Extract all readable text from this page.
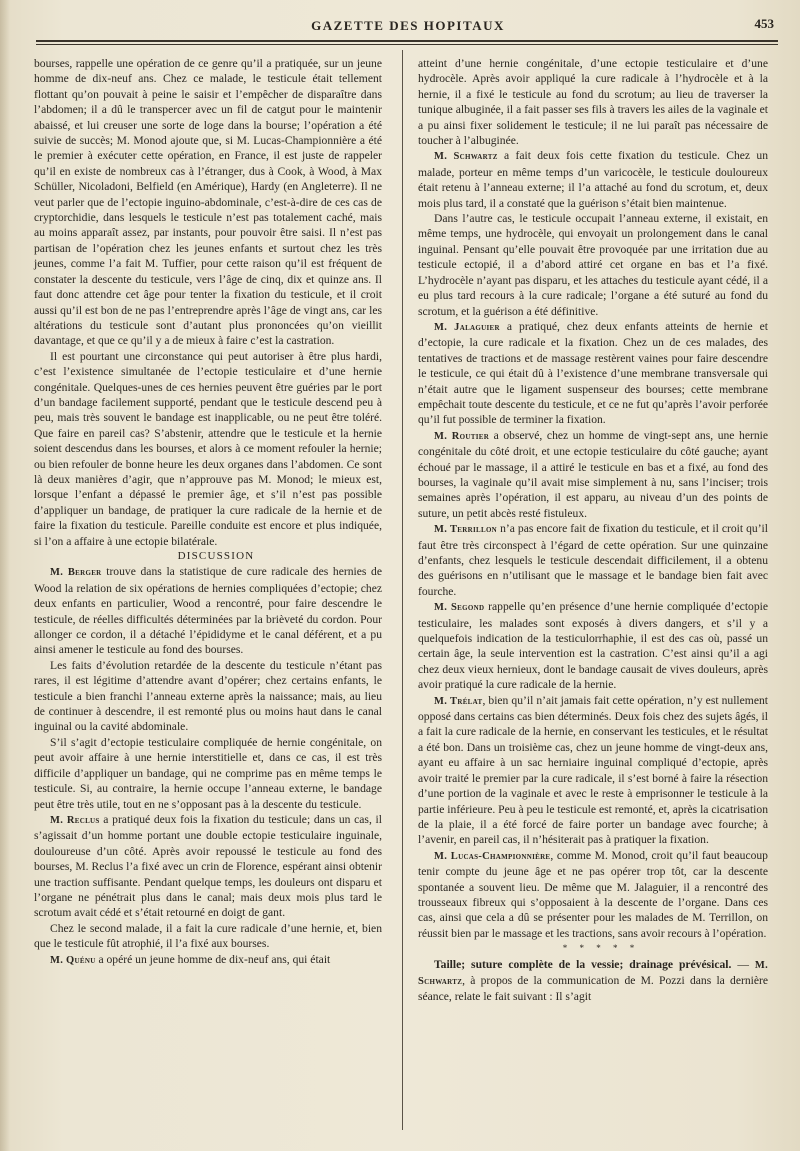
GAZETTE DES HOPITAUX	453

bourses, rappelle une opération de ce genre qu’il a pratiquée, sur un jeune homme de dix-neuf ans. Chez ce malade, le testicule était tellement flottant qu’on pouvait à peine le saisir et l’empêcher de disparaître dans l’abdomen; il a dû le transpercer avec un fil de catgut pour le maintenir abaissé, et lui creuser une sorte de loge dans la bourse; l’opération a été suivie de succès; M. Monod ajoute que, si M. Lucas-Championnière a été le premier à exécuter cette opération, en France, il est juste de rappeler qu’il en existe de nombreux cas à l’étranger, dus à Cook, à Wood, à Max Schüller, Nicoladoni, Belfield (en Amérique), Hardy (en Angleterre). Il ne veut parler que de l’ectopie inguino-abdominale, c’est-à-dire de ces cas de cryptorchidie, dans lesquels le testicule n’est pas totalement caché, mais au moins apparaît assez, par instants, pour pouvoir être saisi. Il n’est pas partisan de l’opération chez les jeunes enfants et surtout chez les très jeunes, comme l’a fait M. Tuffier, pour cette raison qu’il est fréquent de constater la descente du testicule, vers l’âge de cinq, dix et quinze ans. Il faut donc attendre cet âge pour tenter la fixation du testicule, et il croit aussi qu’il est bon de ne pas l’entreprendre après l’âge de vingt ans, car les altérations du testicule sont d’autant plus prononcées qu’on vieillit davantage, et que ce qu’il y a de mieux à faire c’est la castration.

Il est pourtant une circonstance qui peut autoriser à être plus hardi, c’est l’existence simultanée de l’ectopie testiculaire et d’une hernie congénitale. Quelques-unes de ces hernies peuvent être guéries par le port d’un bandage facilement supporté, pendant que le testicule descend peu à peu, mais très souvent le bandage est inapplicable, ou ne peut être toléré. Que faire en pareil cas? S’abstenir, attendre que le testicule et la hernie soient descendus dans les bourses, et alors à ce moment refouler la hernie; ou bien refouler de bonne heure les deux organes dans l’abdomen. Ce sont là deux manières d’agir, que n’approuve pas M. Monod; le mieux est, lorsque l’enfant a dépassé le premier âge, et s’il n’est pas possible d’appliquer un bandage, de pratiquer la cure radicale de la hernie et de faire la fixation du testicule. Pareille conduite est encore et plus indiquée, si l’on a affaire à une ectopie bilatérale.

DISCUSSION

M. Berger trouve dans la statistique de cure radicale des hernies de Wood la relation de six opérations de hernies compliquées d’ectopie; chez deux enfants en particulier, Wood a rencontré, pour faire descendre le testicule, de réelles difficultés déterminées par la brièveté du cordon. Pour allonger ce cordon, il a détaché l’épididyme et le canal déférent, et a pu ainsi amener le testicule au fond des bourses.

Les faits d’évolution retardée de la descente du testicule n’étant pas rares, il est légitime d’attendre avant d’opérer; chez certains enfants, le testicule a bien franchi l’anneau externe après la naissance; mais, au lieu de continuer à descendre, il est remonté plus ou moins haut dans le canal inguinal ou la cavité abdominale.

S’il s’agit d’ectopie testiculaire compliquée de hernie congénitale, on peut avoir affaire à une hernie interstitielle et, dans ce cas, il est très difficile d’appliquer un bandage, qui ne comprime pas en même temps le testicule. Si, au contraire, la hernie occupe l’anneau externe, le bandage peut être très utile, tout en ne s’opposant pas à la descente du testicule.

M. Reclus a pratiqué deux fois la fixation du testicule; dans un cas, il s’agissait d’un homme portant une double ectopie testiculaire inguinale, douloureuse d’un côté. Après avoir repoussé le testicule au fond des bourses, M. Reclus l’a fixé avec un crin de Florence, espérant ainsi obtenir une traction suffisante. Pendant quelque temps, les douleurs ont disparu et l’organe ne pénétrait plus dans le canal; mais deux mois plus tard le scrotum avait cédé et s’était retourné en doigt de gant.

Chez le second malade, il a fait la cure radicale d’une hernie, et, bien que le testicule fût atrophié, il l’a fixé aux bourses.

M. Quénu a opéré un jeune homme de dix-neuf ans, qui était

atteint d’une hernie congénitale, d’une ectopie testiculaire et d’une hydrocèle. Après avoir appliqué la cure radicale à l’hydrocèle et à la hernie, il a fixé le testicule au fond du scrotum; au lieu de traverser la tunique albuginée, il a fait passer ses fils à travers les ailes de la vaginale et a pu ainsi fixer solidement le testicule; il ne lui paraît pas nécessaire de toucher à l’albuginée.

M. Schwartz a fait deux fois cette fixation du testicule. Chez un malade, porteur en même temps d’un varicocèle, le testicule douloureux était retenu à l’anneau externe; il l’a attaché au fond du scrotum, et, deux mois plus tard, il a constaté que la guérison s’était bien maintenue.

Dans l’autre cas, le testicule occupait l’anneau externe, il existait, en même temps, une hydrocèle, qui envoyait un prolongement dans le canal inguinal. Pensant qu’elle pouvait être provoquée par une irritation due au testicule ectopié, il a d’abord attiré cet organe en bas et l’a fixé. L’hydrocèle n’ayant pas disparu, et les attaches du testicule ayant cédé, il a eu plus tard recours à la cure radicale; l’organe a été suturé au fond du scrotum, et la guérison a été définitive.

M. Jalaguier a pratiqué, chez deux enfants atteints de hernie et d’ectopie, la cure radicale et la fixation. Chez un de ces malades, des tentatives de tractions et de massage restèrent vaines pour faire descendre le testicule, ce qui était dû à l’existence d’une membrane transversale qui n’était autre que le ligament suspenseur des bourses; cette membrane empêchait toute descente du testicule, et ce ne fut qu’après l’avoir perforée qu’il fut possible de terminer la fixation.

M. Routier a observé, chez un homme de vingt-sept ans, une hernie congénitale du côté droit, et une ectopie testiculaire du côté gauche; ayant échoué par le massage, il a attiré le testicule en bas et a fixé, au fond des bourses, la vaginale qu’il avait mise simplement à nu, sans l’inciser; trois semaines après l’opération, il est apparu, au niveau d’un des points de suture, un petit abcès resté fistuleux.

M. Terrillon n’a pas encore fait de fixation du testicule, et il croit qu’il faut être très circonspect à l’égard de cette opération. Sur une quinzaine d’enfants, chez lesquels le testicule descendait difficilement, il a obtenu des guérisons en n’utilisant que le massage et le bandage bien fait avec fourche.

M. Segond rappelle qu’en présence d’une hernie compliquée d’ectopie testiculaire, les malades sont exposés à divers dangers, et s’il y a quelquefois indication de la testiculorrhaphie, il est des cas où, passé un certain âge, la seule intervention est la castration. C’est ainsi qu’il a agi chez deux vieux hernieux, dont le bandage causait de vives douleurs, après avoir pratiqué la cure radicale de la hernie.

M. Trélat, bien qu’il n’ait jamais fait cette opération, n’y est nullement opposé dans certains cas bien déterminés. Deux fois chez des sujets âgés, il a fait la cure radicale de la hernie, en conservant les testicules, et le résultat a été bon. Dans un troisième cas, chez un jeune homme de vingt-deux ans, ayant eu affaire à un sac herniaire inguinal compliqué d’ectopie, après avoir traité le premier par la cure radicale, il s’est borné à faire la résection d’une portion de la vaginale et avec le reste à emprisonner le testicule à la partie inférieure. Peu à peu le testicule est remonté, et, après la cicatrisation de la plaie, il a été forcé de faire porter un bandage avec fourche; à l’avenir, en pareil cas, il n’hésiterait pas à pratiquer la fixation.

M. Lucas-Championnière, comme M. Monod, croit qu’il faut beaucoup tenir compte du jeune âge et ne pas opérer trop tôt, car la descente spontanée a souvent lieu. De même que M. Jalaguier, il a rencontré des trousseaux fibreux qui s’opposaient à la descente de l’organe. Dans ces cas, ainsi que cela a dû se présenter pour les malades de M. Terrillon, on réussit bien par le massage et les tractions, sans avoir recours à l’opération.

* * * * *

Taille; suture complète de la vessie; drainage prévésical. — M. Schwartz, à propos de la communication de M. Pozzi dans la dernière séance, relate le fait suivant : Il s’agit
